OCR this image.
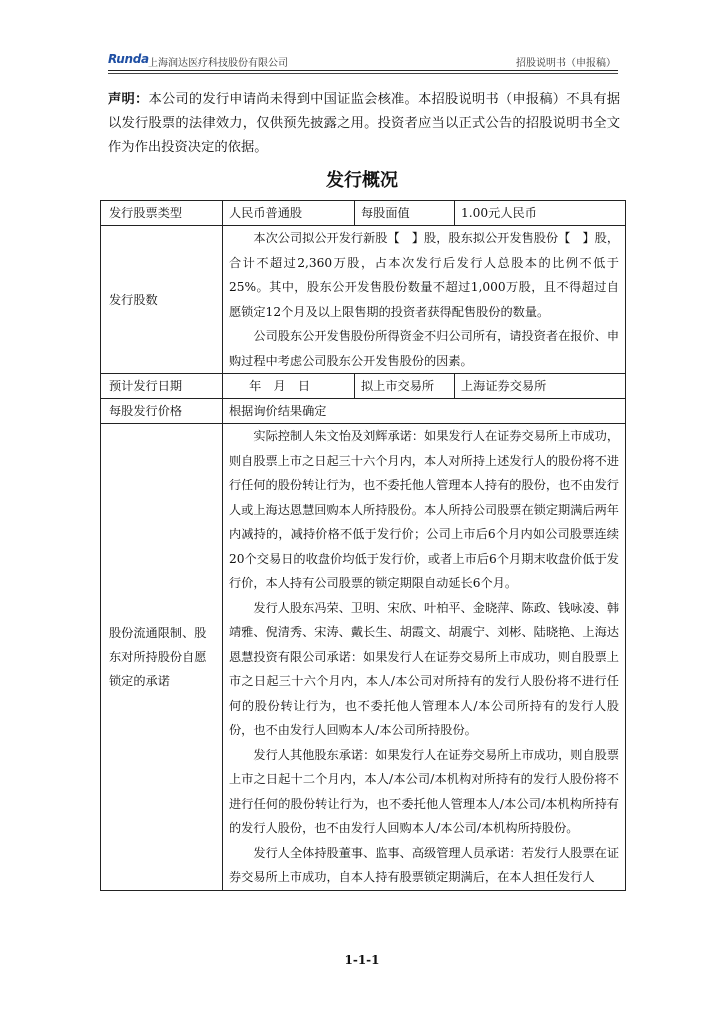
Runda 上海润达医疗科技股份有限公司	招股说明书（申报稿）
声明：本公司的发行申请尚未得到中国证监会核准。本招股说明书（申报稿）不具有据以发行股票的法律效力，仅供预先披露之用。投资者应当以正式公告的招股说明书全文作为作出投资决定的依据。
发行概况
发行股票类型	人民币普通股	每股面值	1.00元人民币
发行股数	本次公司拟公开发行新股【　】股，股东拟公开发售股份【　】股，合计不超过2,360万股，占本次发行后发行人总股本的比例不低于25%。其中，股东公开发售股份数量不超过1,000万股，且不得超过自愿锁定12个月及以上限售期的投资者获得配售股份的数量。

公司股东公开发售股份所得资金不归公司所有，请投资者在报价、申购过程中考虑公司股东公开发售股份的因素。		

预计发行日期	　年　月　日	拟上市交易所	上海证券交易所
每股发行价格	根据询价结果确定		
股份流通限制、股东对所持股份自愿锁定的承诺	实际控制人朱文怡及刘辉承诺：如果发行人在证券交易所上市成功，则自股票上市之日起三十六个月内，本人对所持上述发行人的股份将不进行任何的股份转让行为，也不委托他人管理本人持有的股份，也不由发行人或上海达恩慧回购本人所持股份。本人所持公司股票在锁定期满后两年内减持的，减持价格不低于发行价；公司上市后6个月内如公司股票连续20个交易日的收盘价均低于发行价，或者上市后6个月期末收盘价低于发行价，本人持有公司股票的锁定期限自动延长6个月。

发行人股东冯荣、卫明、宋欣、叶柏平、金晓萍、陈政、钱咏凌、韩靖雅、倪清秀、宋涛、戴长生、胡霞文、胡震宁、刘彬、陆晓艳、上海达恩慧投资有限公司承诺：如果发行人在证券交易所上市成功，则自股票上市之日起三十六个月内，本人/本公司对所持有的发行人股份将不进行任何的股份转让行为，也不委托他人管理本人/本公司所持有的发行人股份，也不由发行人回购本人/本公司所持股份。

发行人其他股东承诺：如果发行人在证券交易所上市成功，则自股票上市之日起十二个月内，本人/本公司/本机构对所持有的发行人股份将不进行任何的股份转让行为，也不委托他人管理本人/本公司/本机构所持有的发行人股份，也不由发行人回购本人/本公司/本机构所持股份。

发行人全体持股董事、监事、高级管理人员承诺：若发行人股票在证券交易所上市成功，自本人持有股票锁定期满后，在本人担任发行人		

1-1-1
